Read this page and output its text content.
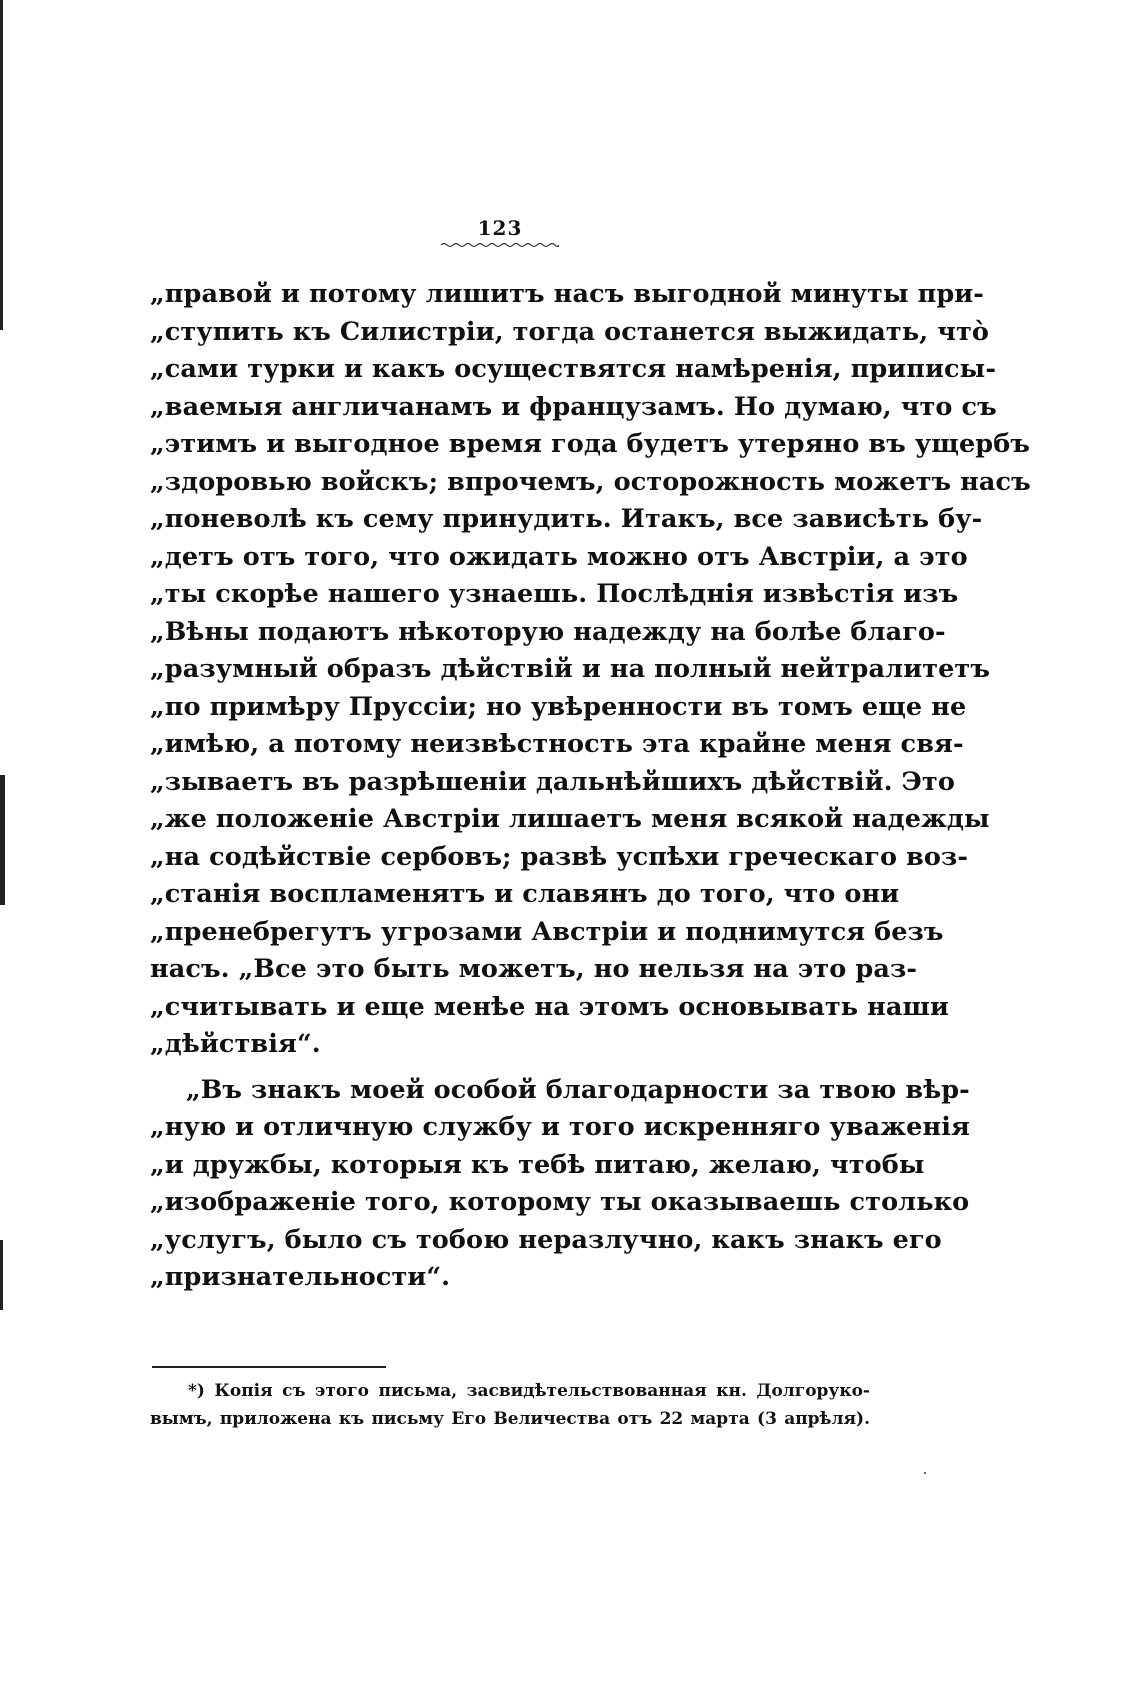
123
„правой и потому лишитъ насъ выгодной минуты при-
„ступить къ Силистріи, тогда останется выжидать, что̀
„сами турки и какъ осуществятся намѣренія, приписы-
„ваемыя англичанамъ и французамъ. Но думаю, что съ
„этимъ и выгодное время года будетъ утеряно въ ущербъ
„здоровью войскъ; впрочемъ, осторожность можетъ насъ
„поневолѣ къ сему принудить. Итакъ, все зависѣть бу-
„детъ отъ того, что ожидать можно отъ Австріи, а это
„ты скорѣе нашего узнаешь. Послѣднія извѣстія изъ
„Вѣны подаютъ нѣкоторую надежду на болѣе благо-
„разумный образъ дѣйствій и на полный нейтралитетъ
„по примѣру Пруссіи; но увѣренности въ томъ еще не
„имѣю, а потому неизвѣстность эта крайне меня свя-
„зываетъ въ разрѣшеніи дальнѣйшихъ дѣйствій. Это
„же положеніе Австріи лишаетъ меня всякой надежды
„на содѣйствіе сербовъ; развѣ успѣхи греческаго воз-
„станія воспламенятъ и славянъ до того, что они
„пренебрегутъ угрозами Австріи и поднимутся безъ
насъ. „Все это быть можетъ, но нельзя на это раз-
„считывать и еще менѣе на этомъ основывать наши
„дѣйствія“.
„Въ знакъ моей особой благодарности за твою вѣр-
„ную и отличную службу и того искренняго уваженія
„и дружбы, которыя къ тебѣ питаю, желаю, чтобы
„изображеніе того, которому ты оказываешь столько
„услугъ, было съ тобою неразлучно, какъ знакъ его
„признательности“.
*) Копія съ этого письма, засвидѣтельствованная кн. Долгоруко-
вымъ, приложена къ письму Его Величества отъ 22 марта (3 апрѣля).
